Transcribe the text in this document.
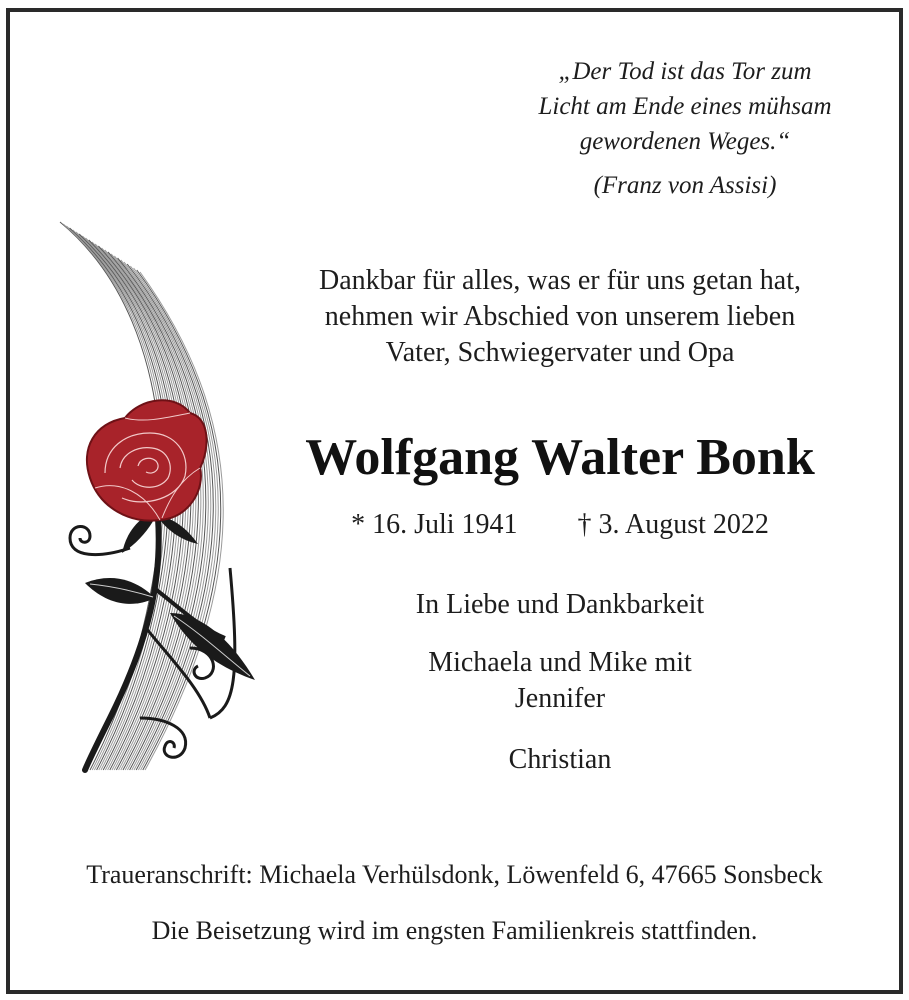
„Der Tod ist das Tor zum
Licht am Ende eines mühsam
gewordenen Weges.“
(Franz von Assisi)
Dankbar für alles, was er für uns getan hat,
nehmen wir Abschied von unserem lieben
Vater, Schwiegervater und Opa
Wolfgang Walter Bonk
* 16. Juli 1941 † 3. August 2022
In Liebe und Dankbarkeit
Michaela und Mike mit
Jennifer
Christian
Traueranschrift: Michaela Verhülsdonk, Löwenfeld 6, 47665 Sonsbeck
Die Beisetzung wird im engsten Familienkreis stattfinden.
